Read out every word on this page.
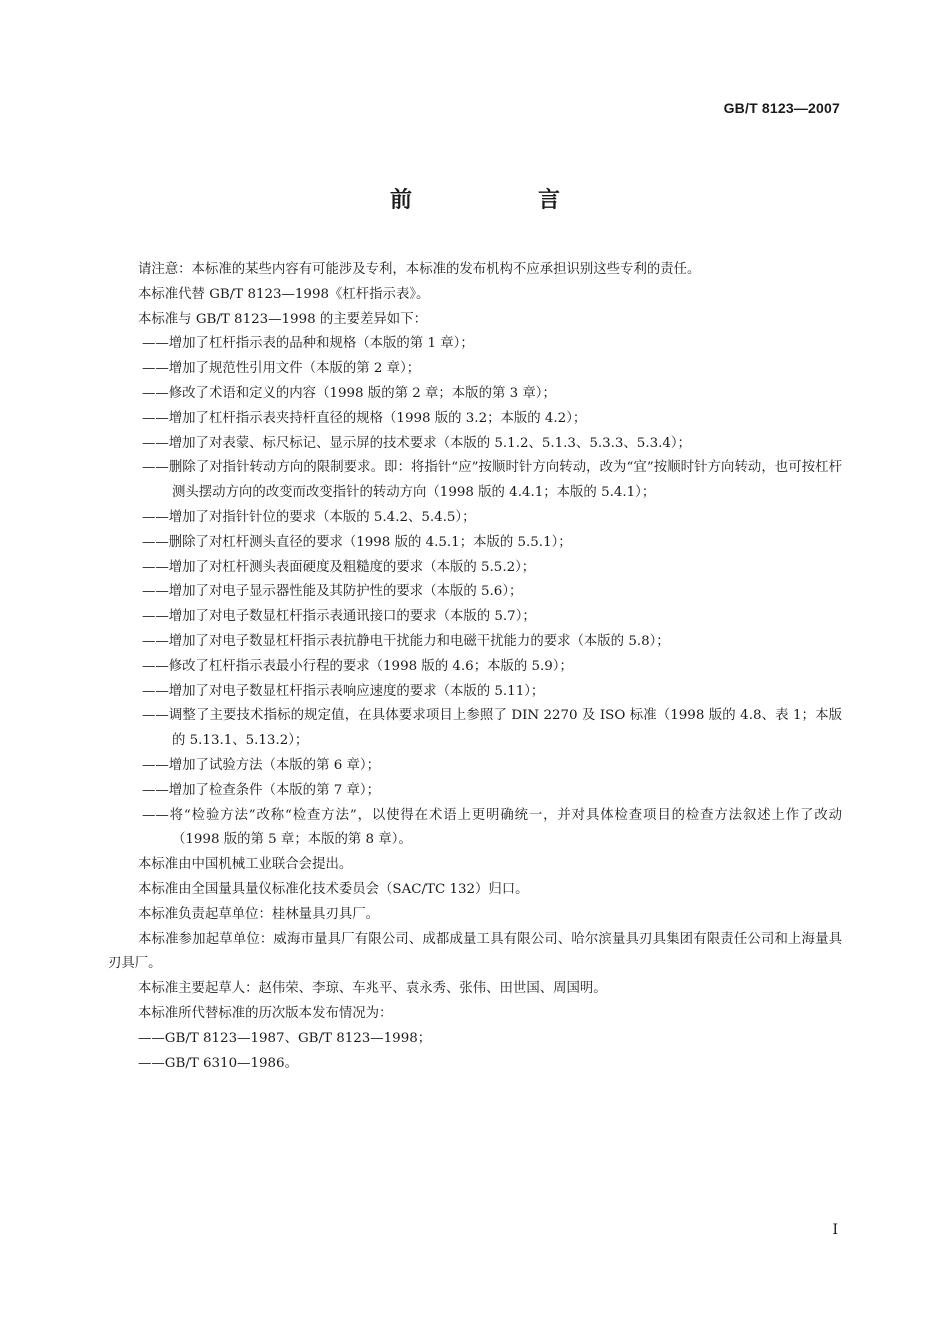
GB/T 8123—2007
前　言

请注意：本标准的某些内容有可能涉及专利，本标准的发布机构不应承担识别这些专利的责任。

本标准代替 GB/T 8123—1998《杠杆指示表》。

本标准与 GB/T 8123—1998 的主要差异如下：

——增加了杠杆指示表的品种和规格（本版的第 1 章）；

——增加了规范性引用文件（本版的第 2 章）；

——修改了术语和定义的内容（1998 版的第 2 章；本版的第 3 章）；

——增加了杠杆指示表夹持杆直径的规格（1998 版的 3.2；本版的 4.2）；

——增加了对表蒙、标尺标记、显示屏的技术要求（本版的 5.1.2、5.1.3、5.3.3、5.3.4）；

——删除了对指针转动方向的限制要求。即：将指针“应”按顺时针方向转动，改为“宜”按顺时针方向转动，也可按杠杆测头摆动方向的改变而改变指针的转动方向（1998 版的 4.4.1；本版的 5.4.1）；

——增加了对指针针位的要求（本版的 5.4.2、5.4.5）；

——删除了对杠杆测头直径的要求（1998 版的 4.5.1；本版的 5.5.1）；

——增加了对杠杆测头表面硬度及粗糙度的要求（本版的 5.5.2）；

——增加了对电子显示器性能及其防护性的要求（本版的 5.6）；

——增加了对电子数显杠杆指示表通讯接口的要求（本版的 5.7）；

——增加了对电子数显杠杆指示表抗静电干扰能力和电磁干扰能力的要求（本版的 5.8）；

——修改了杠杆指示表最小行程的要求（1998 版的 4.6；本版的 5.9）；

——增加了对电子数显杠杆指示表响应速度的要求（本版的 5.11）；

——调整了主要技术指标的规定值，在具体要求项目上参照了 DIN 2270 及 ISO 标准（1998 版的 4.8、表 1；本版的 5.13.1、5.13.2）；

——增加了试验方法（本版的第 6 章）；

——增加了检查条件（本版的第 7 章）；

——将“检验方法”改称“检查方法”，以使得在术语上更明确统一，并对具体检查项目的检查方法叙述上作了改动（1998 版的第 5 章；本版的第 8 章）。

本标准由中国机械工业联合会提出。

本标准由全国量具量仪标准化技术委员会（SAC/TC 132）归口。

本标准负责起草单位：桂林量具刃具厂。

本标准参加起草单位：威海市量具厂有限公司、成都成量工具有限公司、哈尔滨量具刃具集团有限责任公司和上海量具刃具厂。

本标准主要起草人：赵伟荣、李琼、车兆平、袁永秀、张伟、田世国、周国明。

本标准所代替标准的历次版本发布情况为：

——GB/T 8123—1987、GB/T 8123—1998；

——GB/T 6310—1986。

I
